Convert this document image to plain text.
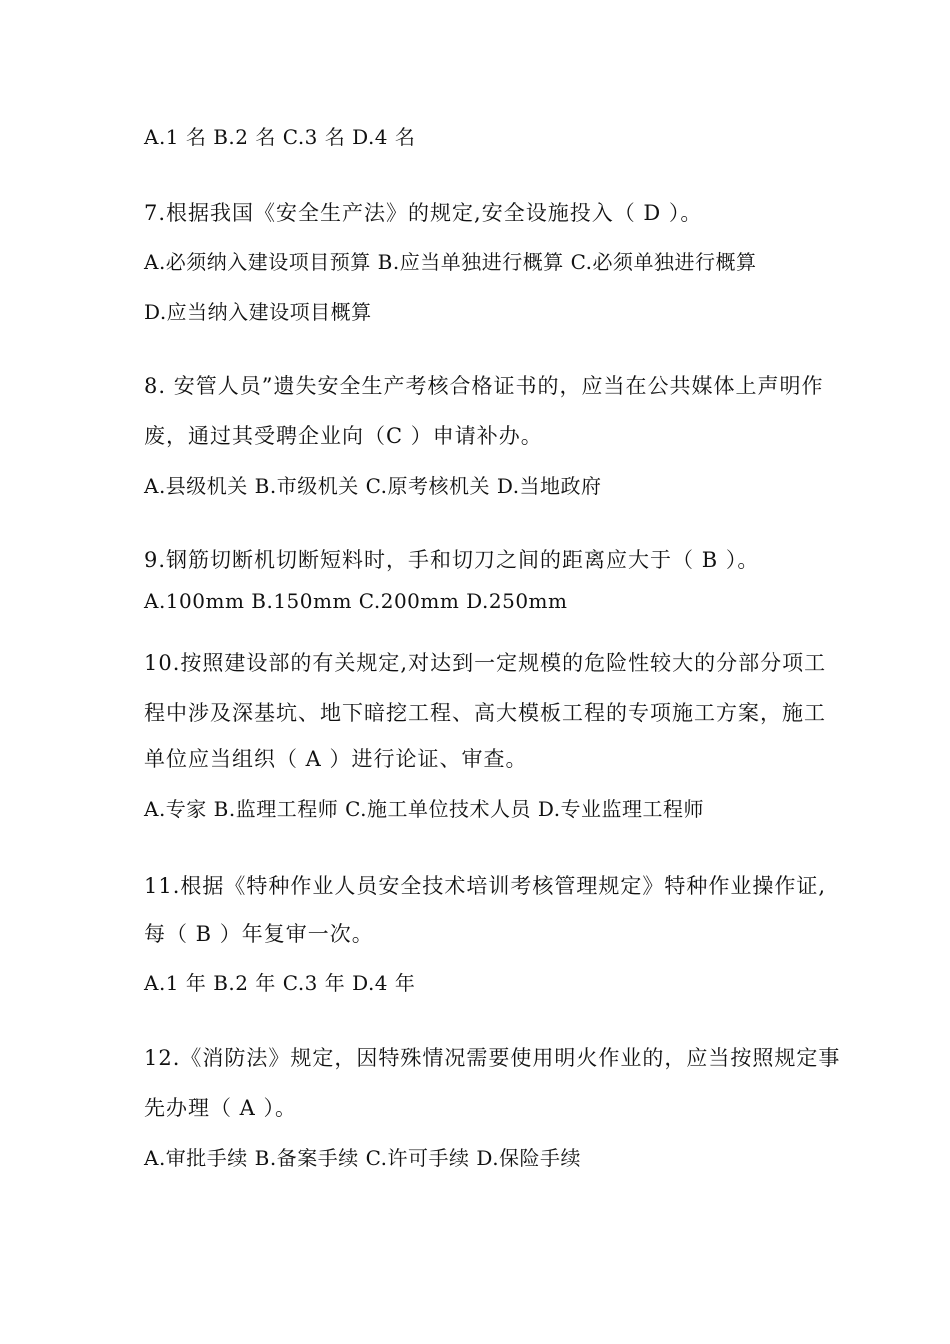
A.1 名 B.2 名 C.3 名 D.4 名
7.根据我国《安全生产法》的规定,安全设施投入（ D ）。
A.必须纳入建设项目预算 B.应当单独进行概算 C.必须单独进行概算
D.应当纳入建设项目概算
8. 安管人员”遗失安全生产考核合格证书的，应当在公共媒体上声明作
废，通过其受聘企业向（C ）申请补办。
A.县级机关 B.市级机关 C.原考核机关 D.当地政府
9.钢筋切断机切断短料时，手和切刀之间的距离应大于（ B ）。
A.100mm B.150mm C.200mm D.250mm
10.按照建设部的有关规定,对达到一定规模的危险性较大的分部分项工
程中涉及深基坑、地下暗挖工程、高大模板工程的专项施工方案，施工
单位应当组织（ A ）进行论证、审查。
A.专家 B.监理工程师 C.施工单位技术人员 D.专业监理工程师
11.根据《特种作业人员安全技术培训考核管理规定》特种作业操作证,
每（ B ）年复审一次。
A.1 年 B.2 年 C.3 年 D.4 年
12.《消防法》规定，因特殊情况需要使用明火作业的，应当按照规定事
先办理（ A ）。
A.审批手续 B.备案手续 C.许可手续 D.保险手续
